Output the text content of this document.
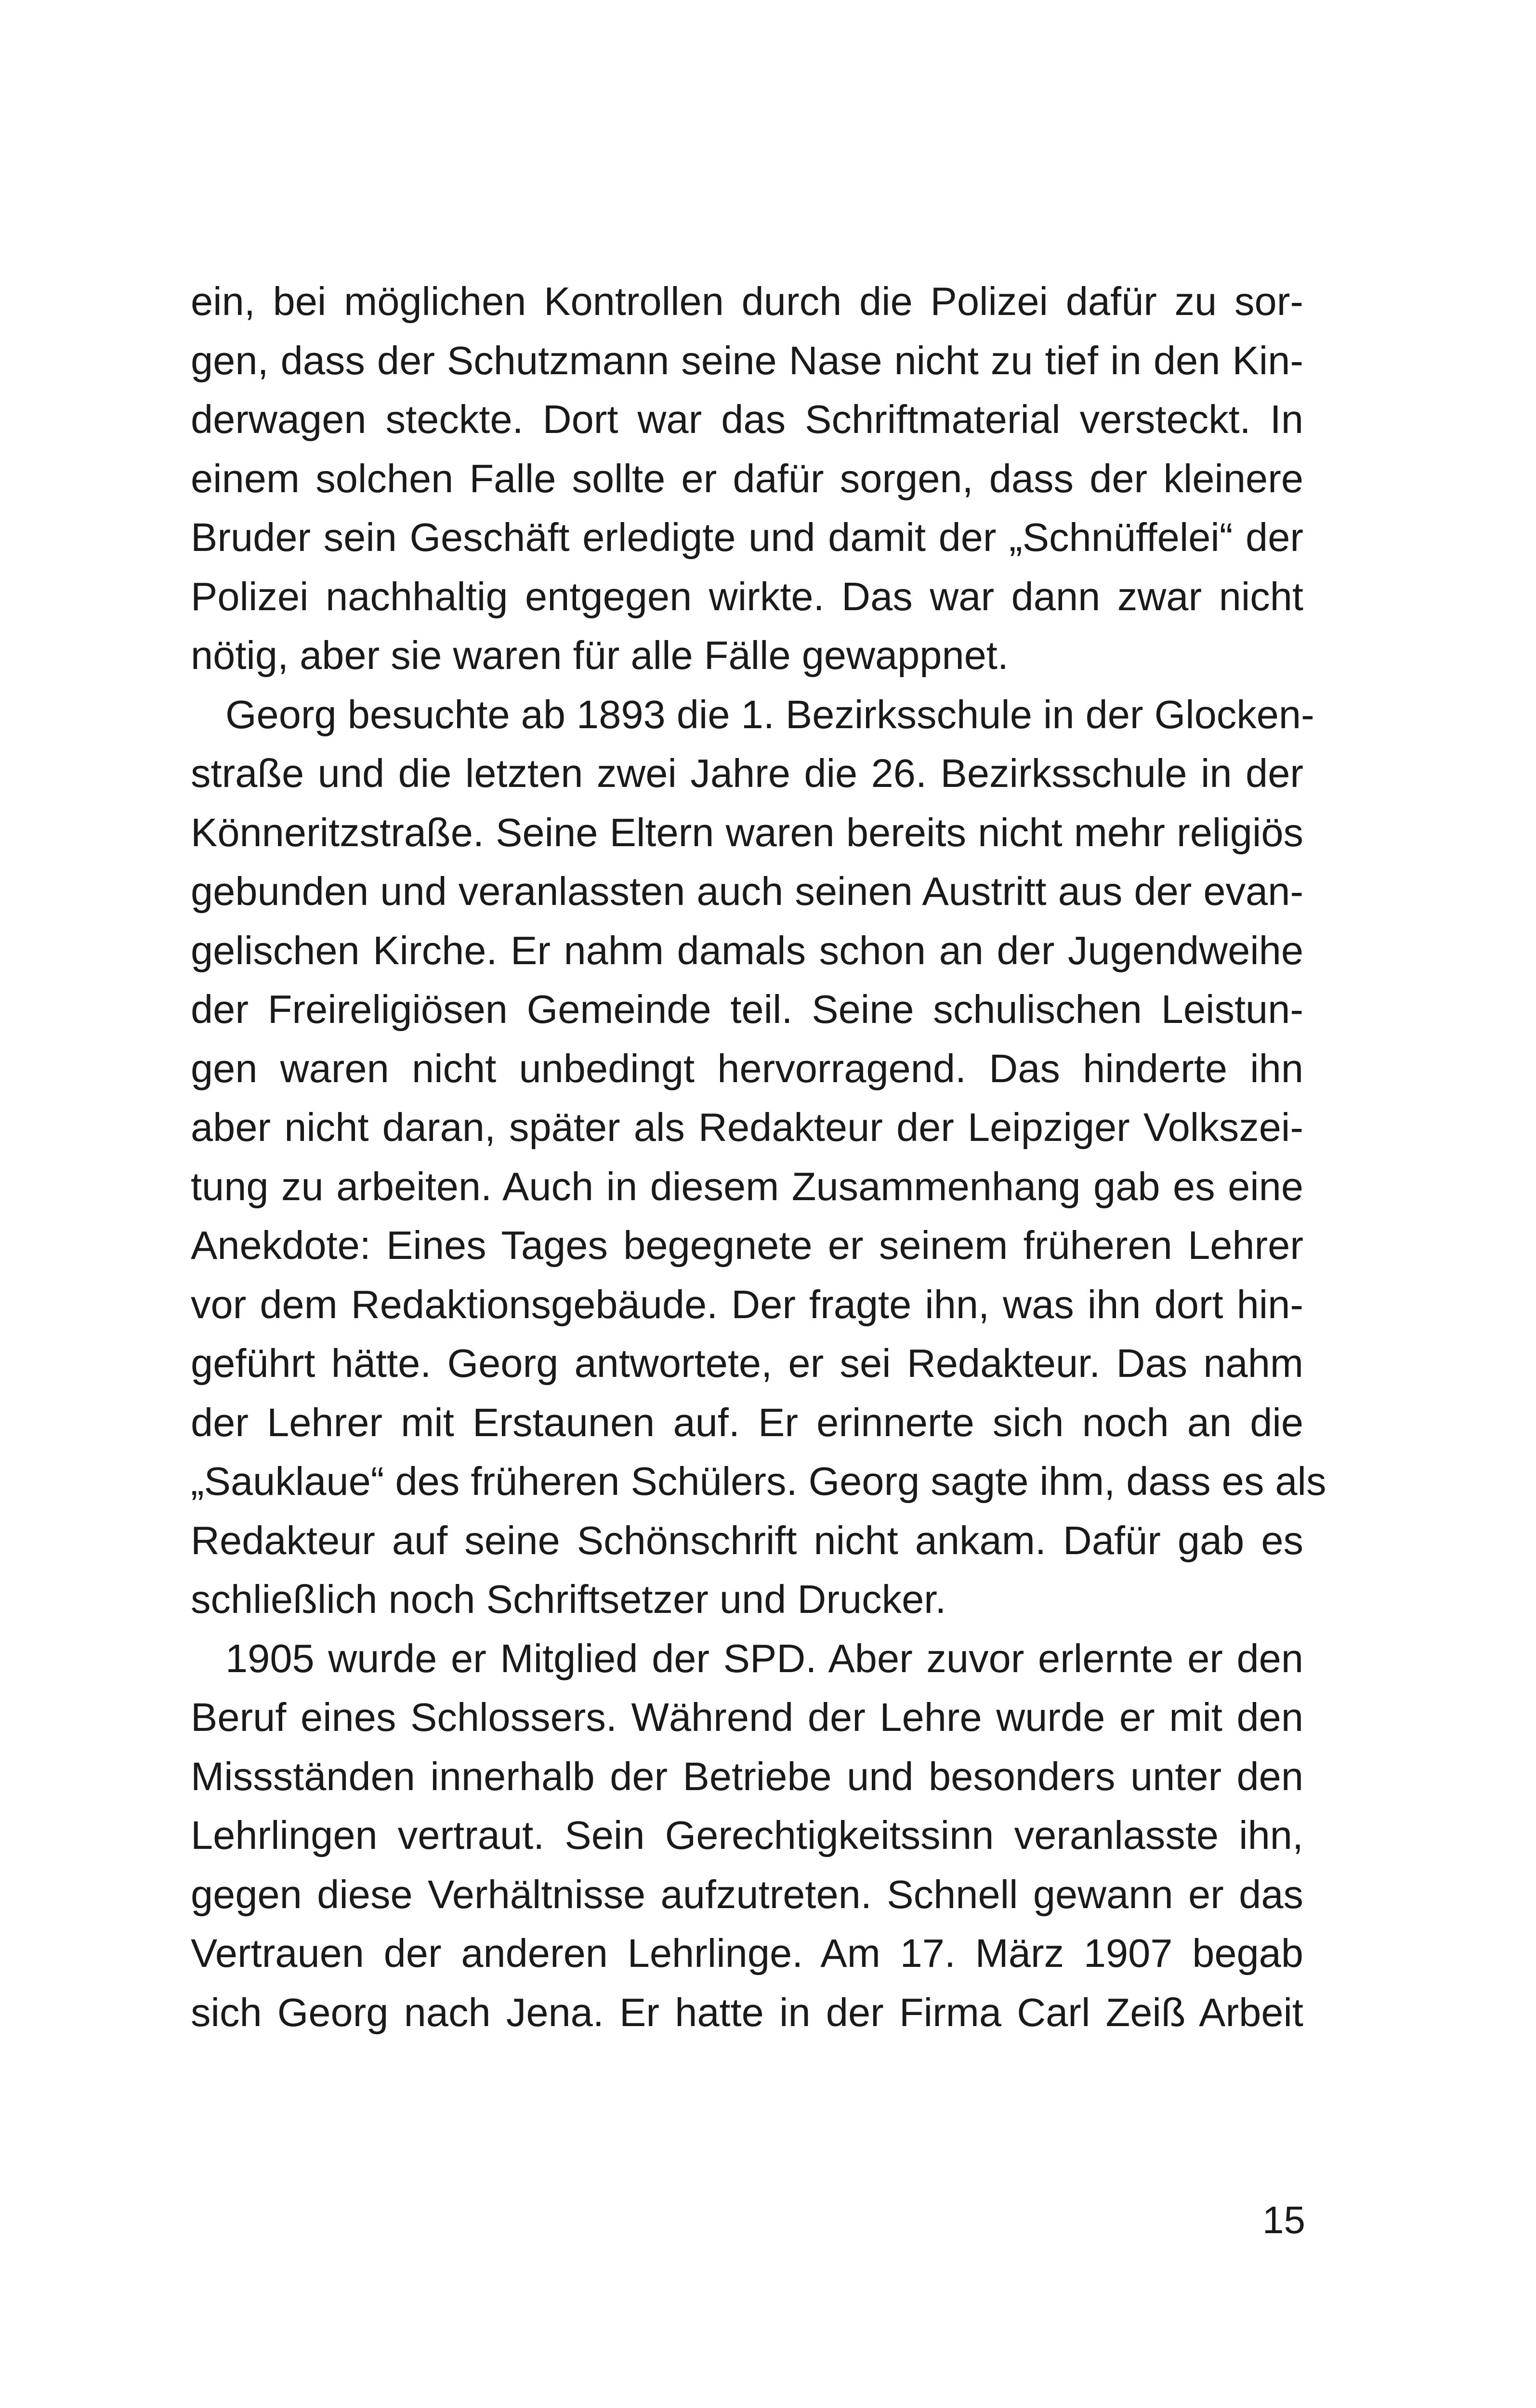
ein, bei möglichen Kontrollen durch die Polizei dafür zu sor-
gen, dass der Schutzmann seine Nase nicht zu tief in den Kin-
derwagen steckte. Dort war das Schriftmaterial versteckt. In
einem solchen Falle sollte er dafür sorgen, dass der kleinere
Bruder sein Geschäft erledigte und damit der „Schnüffelei“ der
Polizei nachhaltig entgegen wirkte. Das war dann zwar nicht
nötig, aber sie waren für alle Fälle gewappnet.

Georg besuchte ab 1893 die 1. Bezirksschule in der Glocken-
straße und die letzten zwei Jahre die 26. Bezirksschule in der
Könneritzstraße. Seine Eltern waren bereits nicht mehr religiös
gebunden und veranlassten auch seinen Austritt aus der evan-
gelischen Kirche. Er nahm damals schon an der Jugendweihe
der Freireligiösen Gemeinde teil. Seine schulischen Leistun-
gen waren nicht unbedingt hervorragend. Das hinderte ihn
aber nicht daran, später als Redakteur der Leipziger Volkszei-
tung zu arbeiten. Auch in diesem Zusammenhang gab es eine
Anekdote: Eines Tages begegnete er seinem früheren Lehrer
vor dem Redaktionsgebäude. Der fragte ihn, was ihn dort hin-
geführt hätte. Georg antwortete, er sei Redakteur. Das nahm
der Lehrer mit Erstaunen auf. Er erinnerte sich noch an die
„Sauklaue“ des früheren Schülers. Georg sagte ihm, dass es als
Redakteur auf seine Schönschrift nicht ankam. Dafür gab es
schließlich noch Schriftsetzer und Drucker.

1905 wurde er Mitglied der SPD. Aber zuvor erlernte er den
Beruf eines Schlossers. Während der Lehre wurde er mit den
Missständen innerhalb der Betriebe und besonders unter den
Lehrlingen vertraut. Sein Gerechtigkeitssinn veranlasste ihn,
gegen diese Verhältnisse aufzutreten. Schnell gewann er das
Vertrauen der anderen Lehrlinge. Am 17. März 1907 begab
sich Georg nach Jena. Er hatte in der Firma Carl Zeiß Arbeit

15
